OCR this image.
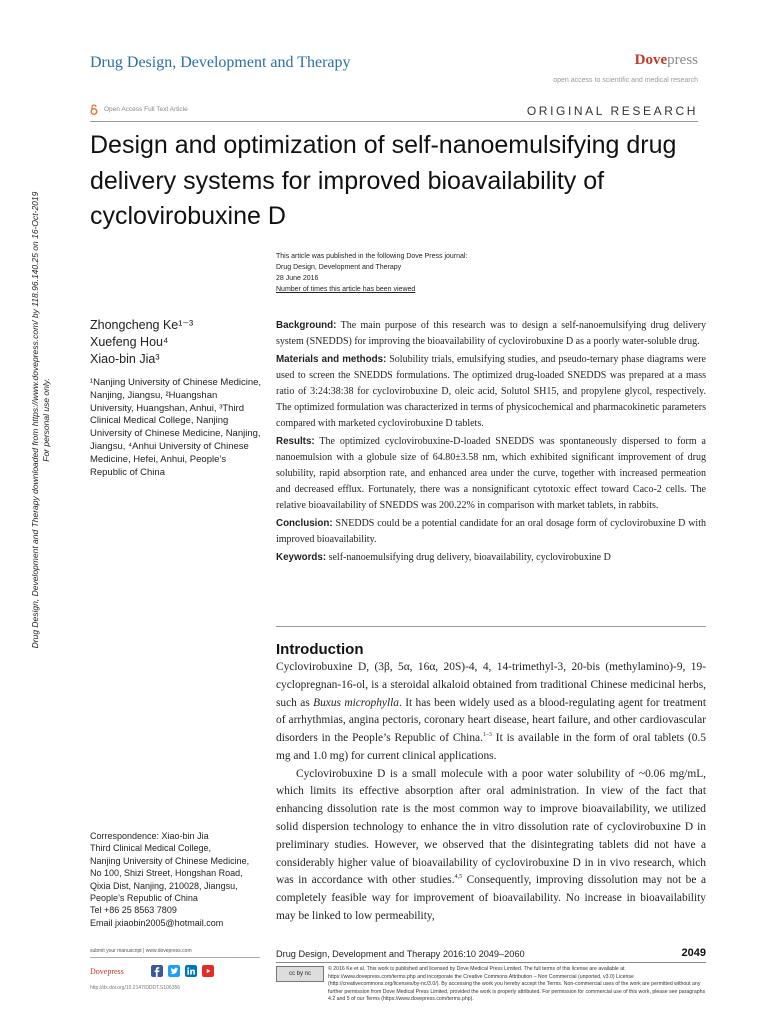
Drug Design, Development and Therapy	Dovepress
open access to scientific and medical research
Open Access Full Text Article	ORIGINAL RESEARCH
Design and optimization of self-nanoemulsifying drug delivery systems for improved bioavailability of cyclovirobuxine D
This article was published in the following Dove Press journal:
Drug Design, Development and Therapy
28 June 2016
Number of times this article has been viewed
Drug Design, Development and Therapy downloaded from https://www.dovepress.com/ by 118.96.140.25 on 16-Oct-2019 For personal use only.
Zhongcheng Ke¹⁻³
Xuefeng Hou⁴
Xiao-bin Jia³
¹Nanjing University of Chinese Medicine, Nanjing, Jiangsu, ²Huangshan University, Huangshan, Anhui, ³Third Clinical Medical College, Nanjing University of Chinese Medicine, Nanjing, Jiangsu, ⁴Anhui University of Chinese Medicine, Hefei, Anhui, People’s Republic of China

Background: The main purpose of this research was to design a self-nanoemulsifying drug delivery system (SNEDDS) for improving the bioavailability of cyclovirobuxine D as a poorly water-soluble drug.

Materials and methods: Solubility trials, emulsifying studies, and pseudo-ternary phase diagrams were used to screen the SNEDDS formulations. The optimized drug-loaded SNEDDS was prepared at a mass ratio of 3:24:38:38 for cyclovirobuxine D, oleic acid, Solutol SH15, and propylene glycol, respectively. The optimized formulation was characterized in terms of physicochemical and pharmacokinetic parameters compared with marketed cyclovirobuxine D tablets.

Results: The optimized cyclovirobuxine-D-loaded SNEDDS was spontaneously dispersed to form a nanoemulsion with a globule size of 64.80±3.58 nm, which exhibited significant improvement of drug solubility, rapid absorption rate, and enhanced area under the curve, together with increased permeation and decreased efflux. Fortunately, there was a nonsignificant cytotoxic effect toward Caco-2 cells. The relative bioavailability of SNEDDS was 200.22% in comparison with market tablets, in rabbits.

Conclusion: SNEDDS could be a potential candidate for an oral dosage form of cyclovirobuxine D with improved bioavailability.

Keywords: self-nanoemulsifying drug delivery, bioavailability, cyclovirobuxine D

Introduction

Cyclovirobuxine D, (3β, 5α, 16α, 20S)-4, 4, 14-trimethyl-3, 20-bis (methylamino)-9, 19-cyclopregnan-16-ol, is a steroidal alkaloid obtained from traditional Chinese medicinal herbs, such as Buxus microphylla. It has been widely used as a blood-regulating agent for treatment of arrhythmias, angina pectoris, coronary heart disease, heart failure, and other cardiovascular disorders in the People’s Republic of China.$^{1-3}$ It is available in the form of oral tablets (0.5 mg and 1.0 mg) for current clinical applications.

Cyclovirobuxine D is a small molecule with a poor water solubility of ~0.06 mg/mL, which limits its effective absorption after oral administration. In view of the fact that enhancing dissolution rate is the most common way to improve bioavailability, we utilized solid dispersion technology to enhance the in vitro dissolution rate of cyclovirobuxine D in preliminary studies. However, we observed that the disintegrating tablets did not have a considerably higher value of bioavailability of cyclovirobuxine D in in vivo research, which was in accordance with other studies.$^{4,5}$ Consequently, improving dissolution may not be a completely feasible way for improvement of bioavailability. No increase in bioavailability may be linked to low permeability,

Correspondence: Xiao-bin Jia
Third Clinical Medical College,
Nanjing University of Chinese Medicine,
No 100, Shizi Street, Hongshan Road,
Qixia Dist, Nanjing, 210028, Jiangsu,
People’s Republic of China
Tel +86 25 8563 7809
Email jxiaobin2005@hotmail.com
submit your manuscript | www.dovepress.com
Dovepress
http://dx.doi.org/10.2147/DDDT.S106356
Drug Design, Development and Therapy 2016:10 2049–2060	2049
cc by nc
© 2016 Ke et al. This work is published and licensed by Dove Medical Press Limited. The full terms of this license are available at https://www.dovepress.com/terms.php and incorporate the Creative Commons Attribution – Non Commercial (unported, v3.0) License (http://creativecommons.org/licenses/by-nc/3.0/). By accessing the work you hereby accept the Terms. Non-commercial uses of the work are permitted without any further permission from Dove Medical Press Limited, provided the work is properly attributed. For permission for commercial use of this work, please see paragraphs 4.2 and 5 of our Terms (https://www.dovepress.com/terms.php).
